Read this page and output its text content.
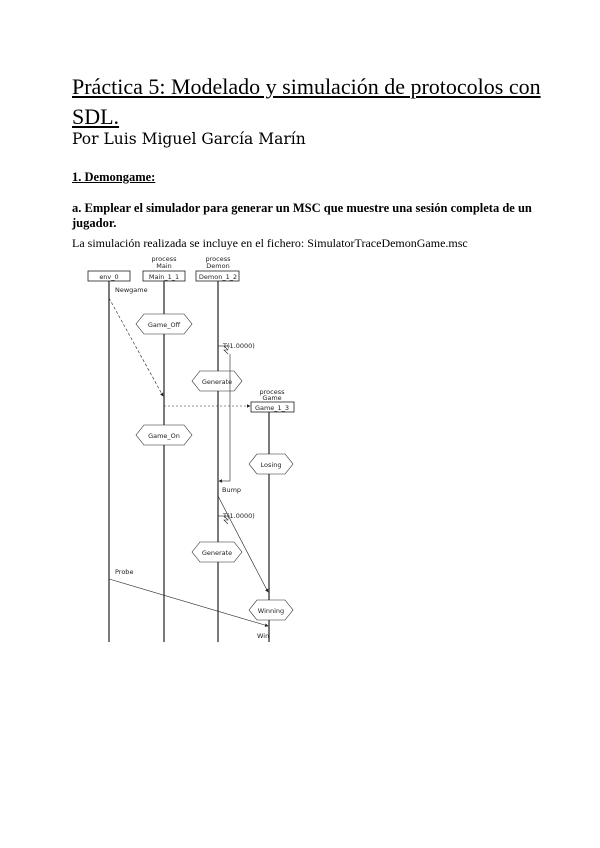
Práctica 5: Modelado y simulación de protocolos con SDL.
Por Luis Miguel García Marín
1. Demongame:

a. Emplear el simulador para generar un MSC que muestre una sesión completa de un jugador.

La simulación realizada se incluye en el fichero: SimulatorTraceDemonGame.msc

env_0
process
Main
Main_1_1
process
Demon
Demon_1_2
process
Game
Game_1_3
Newgame
Game_Off
Game_On
T(1.0000)
Generate
Losing
Bump
T(1.0000)
Generate
Probe
Winning
Win
